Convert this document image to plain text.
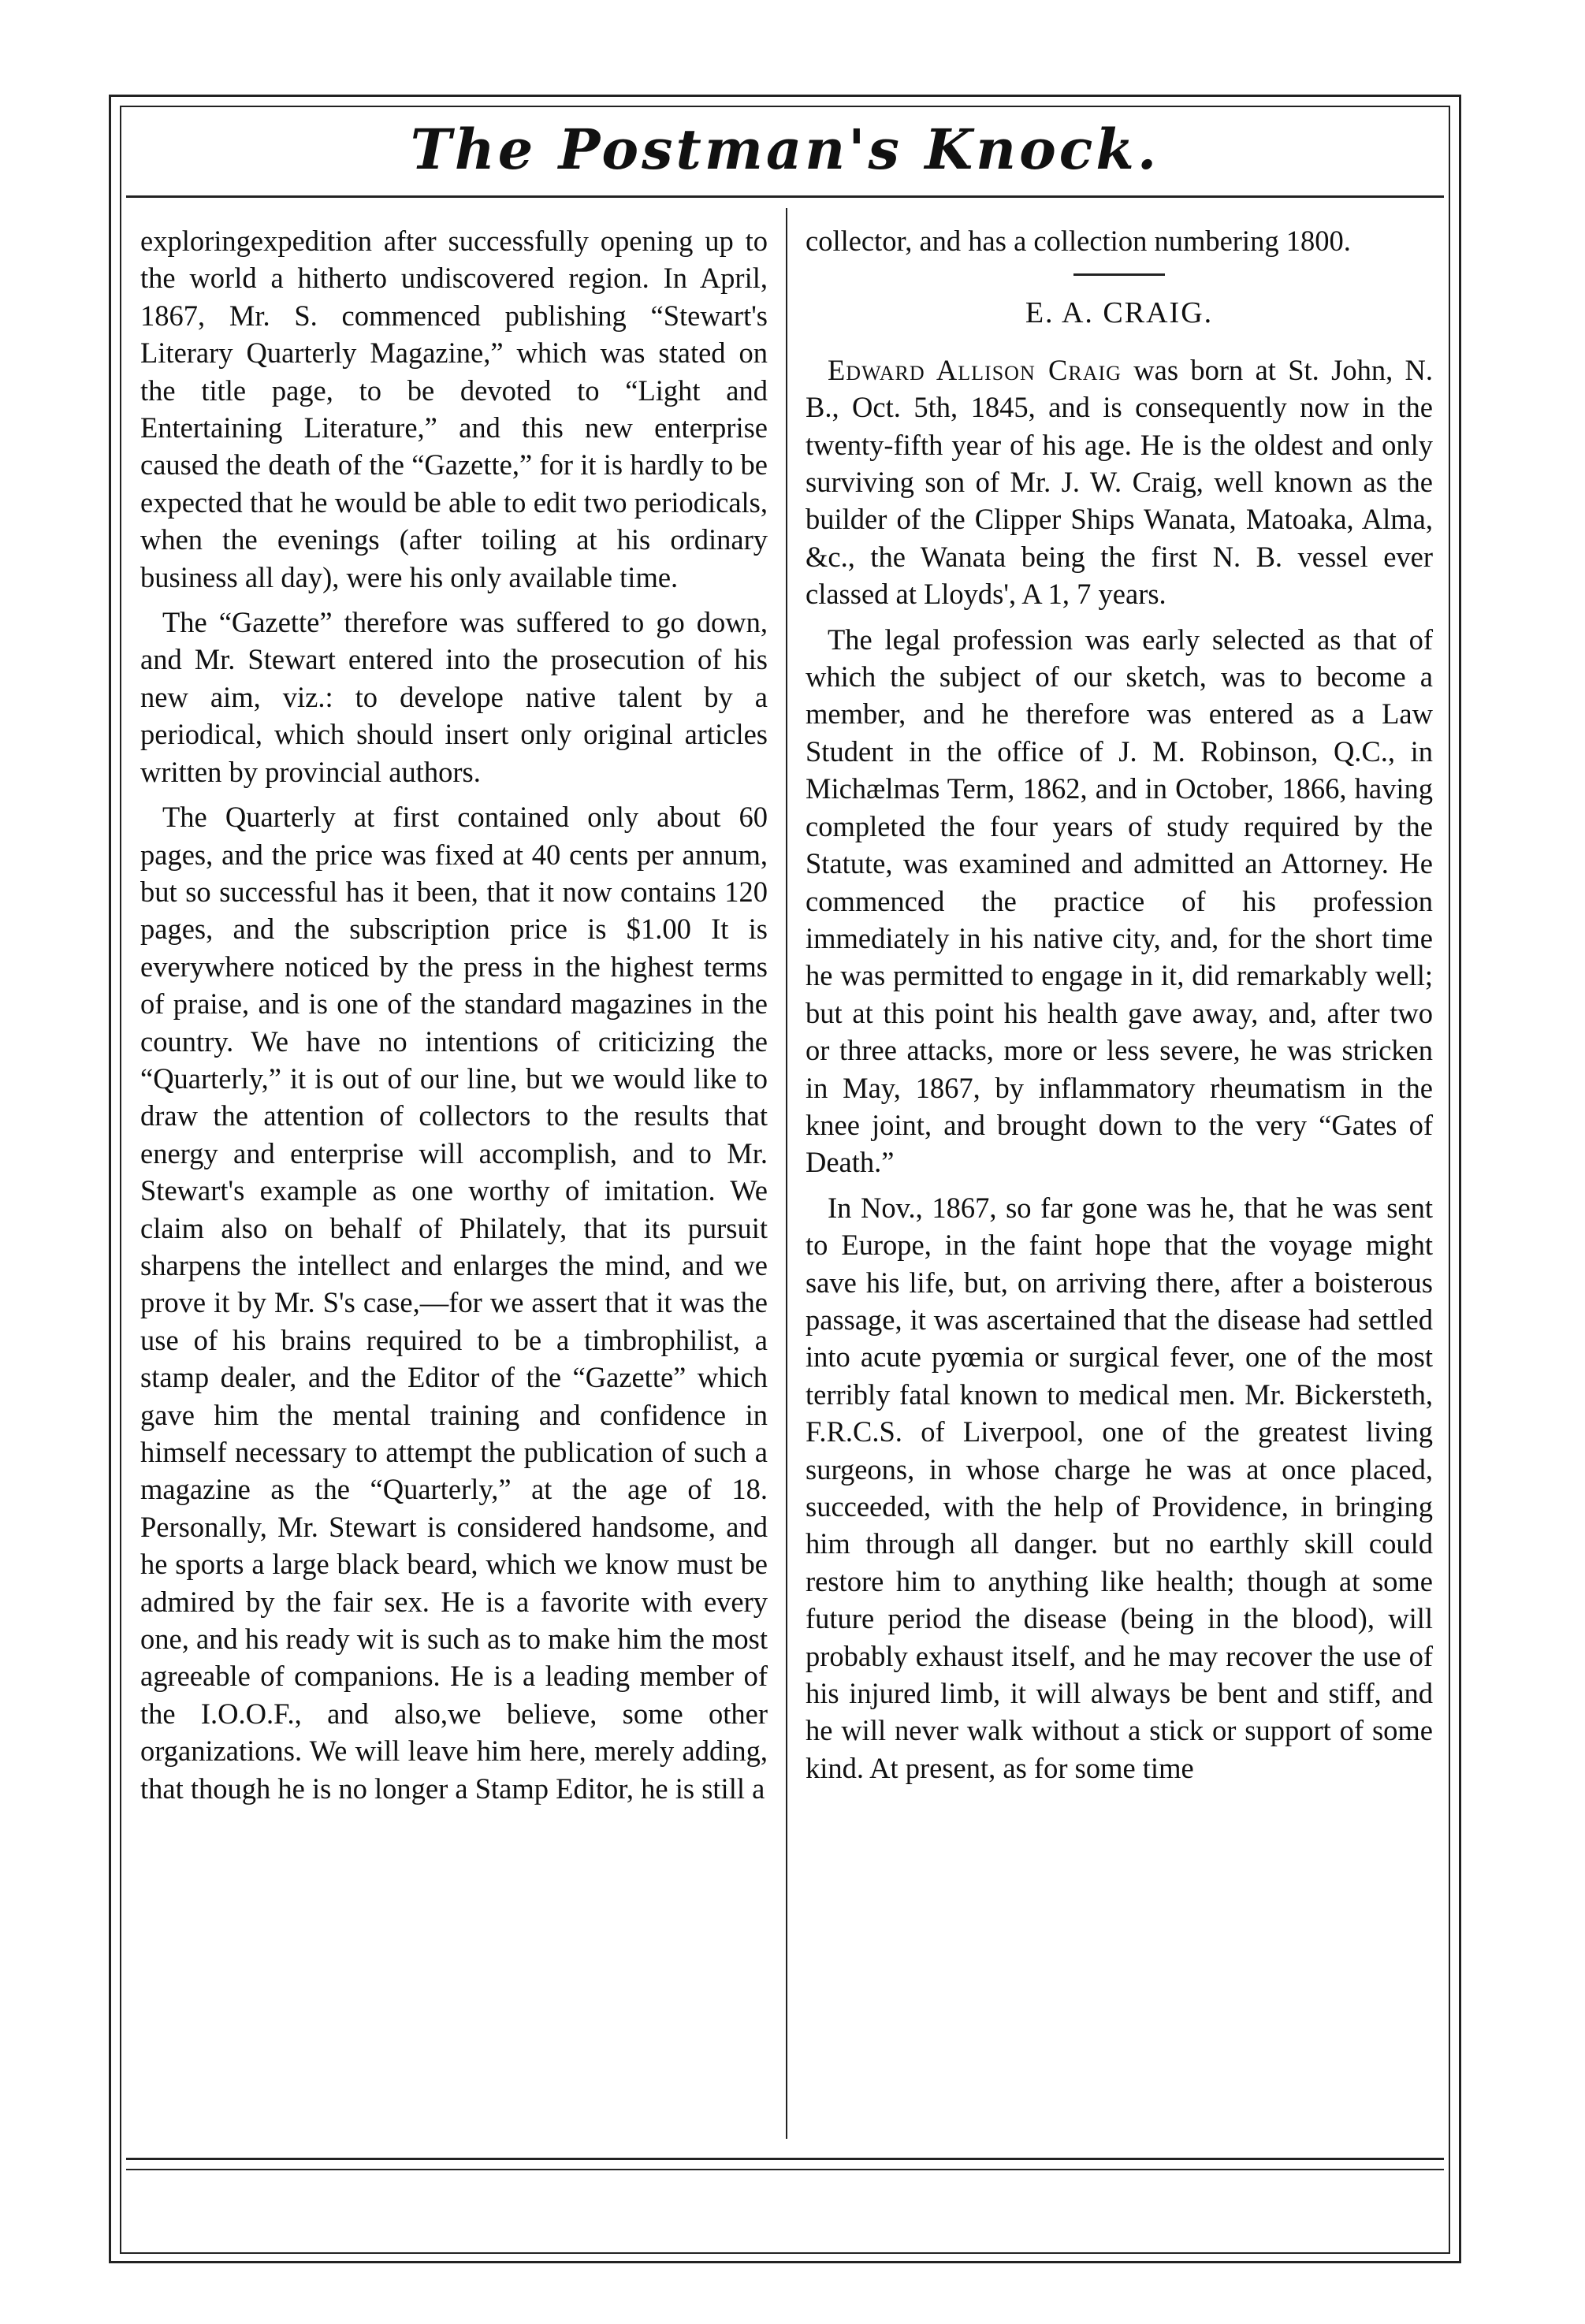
The Postman's Knock.

exploringexpedition after successfully opening up to the world a hitherto undiscovered region. In April, 1867, Mr. S. commenced publishing “Stewart's Literary Quarterly Magazine,” which was stated on the title page, to be devoted to “Light and Entertaining Literature,” and this new enterprise caused the death of the “Gazette,” for it is hardly to be expected that he would be able to edit two periodicals, when the evenings (after toiling at his ordinary business all day), were his only available time.

The “Gazette” therefore was suffered to go down, and Mr. Stewart entered into the prosecution of his new aim, viz.: to develope native talent by a periodical, which should insert only original articles written by provincial authors.

The Quarterly at first contained only about 60 pages, and the price was fixed at 40 cents per annum, but so successful has it been, that it now contains 120 pages, and the subscription price is $1.00 It is everywhere noticed by the press in the highest terms of praise, and is one of the standard magazines in the country. We have no intentions of criticizing the “Quarterly,” it is out of our line, but we would like to draw the attention of collectors to the results that energy and enterprise will accomplish, and to Mr. Stewart's example as one worthy of imitation. We claim also on behalf of Philately, that its pursuit sharpens the intellect and enlarges the mind, and we prove it by Mr. S's case,—for we assert that it was the use of his brains required to be a timbrophilist, a stamp dealer, and the Editor of the “Gazette” which gave him the mental training and confidence in himself necessary to attempt the publication of such a magazine as the “Quarterly,” at the age of 18. Personally, Mr. Stewart is considered handsome, and he sports a large black beard, which we know must be admired by the fair sex. He is a favorite with every one, and his ready wit is such as to make him the most agreeable of companions. He is a leading member of the I.O.O.F., and also,we believe, some other organizations. We will leave him here, merely adding, that though he is no longer a Stamp Editor, he is still a

collector, and has a collection numbering 1800.

E. A. CRAIG.

Edward Allison Craig was born at St. John, N. B., Oct. 5th, 1845, and is consequently now in the twenty-fifth year of his age. He is the oldest and only surviving son of Mr. J. W. Craig, well known as the builder of the Clipper Ships Wanata, Matoaka, Alma, &c., the Wanata being the first N. B. vessel ever classed at Lloyds', A 1, 7 years.

The legal profession was early selected as that of which the subject of our sketch, was to become a member, and he therefore was entered as a Law Student in the office of J. M. Robinson, Q.C., in Michælmas Term, 1862, and in October, 1866, having completed the four years of study required by the Statute, was examined and admitted an Attorney. He commenced the practice of his profession immediately in his native city, and, for the short time he was permitted to engage in it, did remarkably well; but at this point his health gave away, and, after two or three attacks, more or less severe, he was stricken in May, 1867, by inflammatory rheumatism in the knee joint, and brought down to the very “Gates of Death.”

In Nov., 1867, so far gone was he, that he was sent to Europe, in the faint hope that the voyage might save his life, but, on arriving there, after a boisterous passage, it was ascertained that the disease had settled into acute pyœmia or surgical fever, one of the most terribly fatal known to medical men. Mr. Bickersteth, F.R.C.S. of Liverpool, one of the greatest living surgeons, in whose charge he was at once placed, succeeded, with the help of Providence, in bringing him through all danger. but no earthly skill could restore him to anything like health; though at some future period the disease (being in the blood), will probably exhaust itself, and he may recover the use of his injured limb, it will always be bent and stiff, and he will never walk without a stick or support of some kind. At present, as for some time
